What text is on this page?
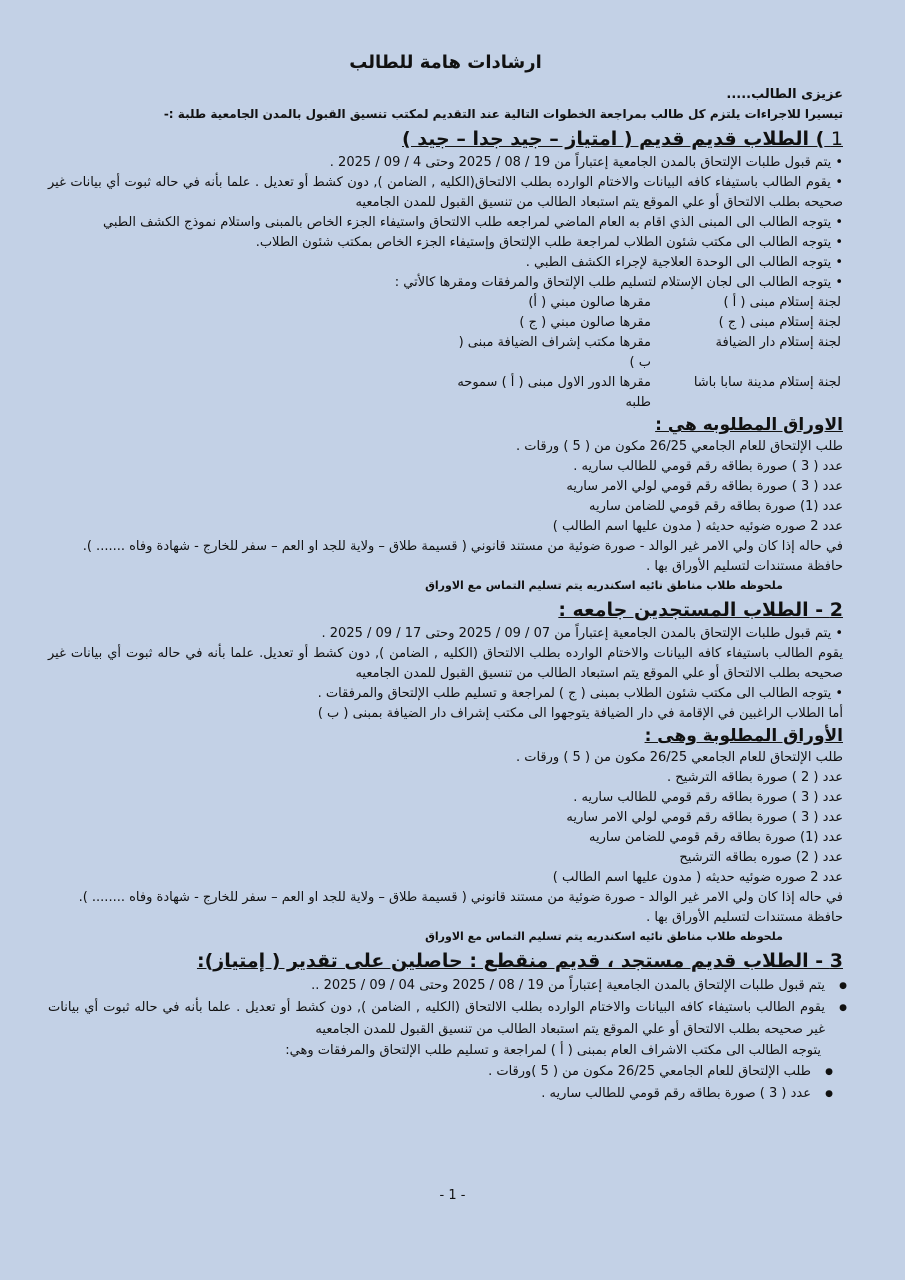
ارشادات هامة للطالب
عزيزى الطالب.....
تيسيرا للاجراءات يلتزم كل طالب بمراجعة الخطوات التالية عند التقديم لمكتب تنسيق القبول بالمدن الجامعية طلبة :-
1 ) الطلاب قديم قديم ( امتياز – جيد جدا – جيد )
• يتم قبول طلبات الإلتحاق بالمدن الجامعية إعتباراً من 19 / 08 / 2025 وحتى 4 / 09 / 2025 .
• يقوم الطالب باستيفاء كافه البيانات والاختام الوارده بطلب الالتحاق(الكليه , الضامن ), دون كشط أو تعديل . علما بأنه في حاله ثبوت أي بيانات غير صحيحه بطلب الالتحاق أو علي الموقع يتم استبعاد الطالب من تنسيق القبول للمدن الجامعيه
• يتوجه الطالب الى المبنى الذي اقام به العام الماضي لمراجعه طلب الالتحاق واستيفاء الجزء الخاص بالمبنى واستلام نموذج الكشف الطبي
• يتوجه الطالب الى مكتب شئون الطلاب لمراجعة طلب الإلتحاق وإستيفاء الجزء الخاص بمكتب شئون الطلاب.
• يتوجه الطالب الى الوحدة العلاجية لإجراء الكشف الطبي .
• يتوجه الطالب الى لجان الإستلام لتسليم طلب الإلتحاق والمرفقات ومقرها كالأتي :
لجنة إستلام مبنى ( أ )
مقرها صالون مبني ( أ)
لجنة إستلام مبنى ( ج )
مقرها صالون مبني ( ج )
لجنة إستلام دار الضيافة
مقرها مكتب إشراف الضيافة مبنى ( ب )
لجنة إستلام مدينة سابا باشا
مقرها الدور الاول مبنى ( أ ) سموحه طلبه
الاوراق المطلوبه هي :
طلب الإلتحاق للعام الجامعي 26/25 مكون من ( 5 ) ورقات .
عدد ( 3 ) صورة بطاقه رقم قومي للطالب ساريه .
عدد ( 3 ) صورة بطاقه رقم قومي لولي الامر ساريه
عدد (1) صورة بطاقه رقم قومي للضامن ساريه
عدد 2 صوره ضوئيه حديثه ( مدون عليها اسم الطالب )
في حاله إذا كان ولي الامر غير الوالد - صورة ضوئية من مستند قانوني ( قسيمة طلاق – ولاية للجد او العم – سفر للخارج - شهادة وفاه ....... ).
حافظة مستندات لتسليم الأوراق بها .
ملحوظه طلاب مناطق نائيه اسكندريه يتم تسليم التماس مع الاوراق
2 - الطلاب المستجدين جامعه :
• يتم قبول طلبات الإلتحاق بالمدن الجامعية إعتباراً من 07 / 09 / 2025 وحتى 17 / 09 / 2025 .
يقوم الطالب باستيفاء كافه البيانات والاختام الوارده بطلب الالتحاق (الكليه , الضامن ), دون كشط أو تعديل. علما بأنه في حاله ثبوت أي بيانات غير صحيحه بطلب الالتحاق أو علي الموقع يتم استبعاد الطالب من تنسيق القبول للمدن الجامعيه
• يتوجه الطالب الى مكتب شئون الطلاب بمبنى ( ج ) لمراجعة و تسليم طلب الإلتحاق والمرفقات .
أما الطلاب الراغبين في الإقامة في دار الضيافة يتوجهوا الى مكتب إشراف دار الضيافة بمبنى ( ب )
الأوراق المطلوبة وهى :
طلب الإلتحاق للعام الجامعي 26/25 مكون من ( 5 ) ورقات .
عدد ( 2 ) صورة بطاقه الترشيح .
عدد ( 3 ) صورة بطاقه رقم قومي للطالب ساريه .
عدد ( 3 ) صورة بطاقه رقم قومي لولي الامر ساريه
عدد (1) صورة بطاقه رقم قومي للضامن ساريه
عدد ( 2) صوره بطاقه الترشيح
عدد 2 صوره ضوئيه حديثه ( مدون عليها اسم الطالب )
في حاله إذا كان ولي الامر غير الوالد - صورة ضوئية من مستند قانوني ( قسيمة طلاق – ولاية للجد او العم – سفر للخارج - شهادة وفاه ........ ).
حافظة مستندات لتسليم الأوراق بها .
ملحوظه طلاب مناطق نائيه اسكندريه يتم تسليم التماس مع الاوراق
3 - الطلاب قديم مستجد ، قديم منقطع : حاصلين على تقدير ( إمتياز):
● يتم قبول طلبات الإلتحاق بالمدن الجامعية إعتباراً من 19 / 08 / 2025 وحتى 04 / 09 / 2025 ..
● يقوم الطالب باستيفاء كافه البيانات والاختام الوارده بطلب الالتحاق (الكليه , الضامن ), دون كشط أو تعديل . علما بأنه في حاله ثبوت أي بيانات غير صحيحه بطلب الالتحاق أو علي الموقع يتم استبعاد الطالب من تنسيق القبول للمدن الجامعيه
يتوجه الطالب الى مكتب الاشراف العام بمبنى ( أ ) لمراجعة و تسليم طلب الإلتحاق والمرفقات وهي:
● طلب الإلتحاق للعام الجامعي 26/25 مكون من ( 5 )ورقات .
● عدد ( 3 ) صورة بطاقه رقم قومي للطالب ساريه .
- 1 -
